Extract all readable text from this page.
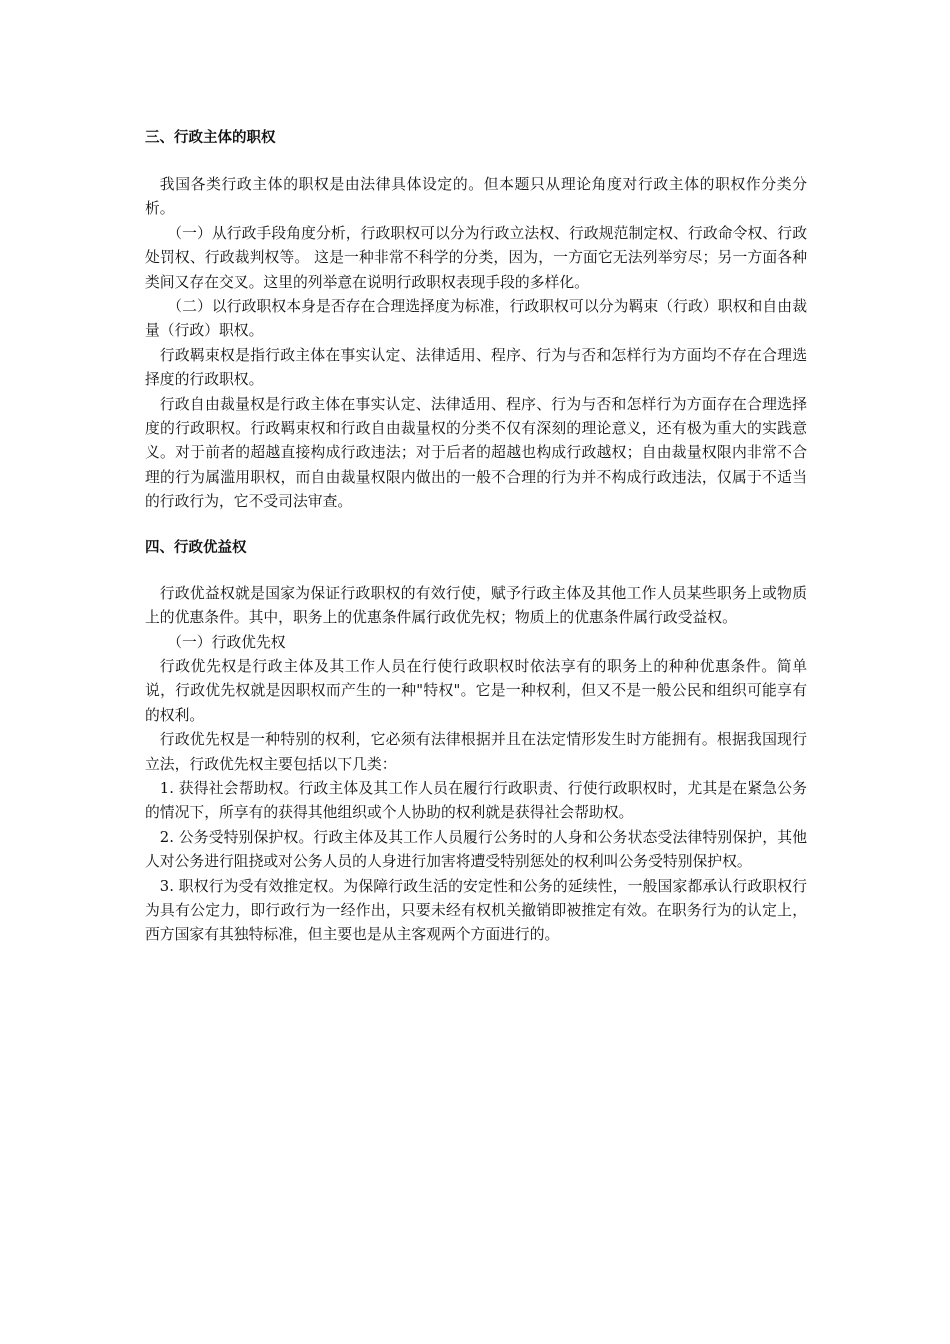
三、行政主体的职权

我国各类行政主体的职权是由法律具体设定的。但本题只从理论角度对行政主体的职权作分类分析。

（一）从行政手段角度分析，行政职权可以分为行政立法权、行政规范制定权、行政命令权、行政处罚权、行政裁判权等。 这是一种非常不科学的分类，因为，一方面它无法列举穷尽；另一方面各种类间又存在交叉。这里的列举意在说明行政职权表现手段的多样化。

（二）以行政职权本身是否存在合理选择度为标准，行政职权可以分为羁束（行政）职权和自由裁量（行政）职权。

行政羁束权是指行政主体在事实认定、法律适用、程序、行为与否和怎样行为方面均不存在合理选择度的行政职权。

行政自由裁量权是行政主体在事实认定、法律适用、程序、行为与否和怎样行为方面存在合理选择度的行政职权。行政羁束权和行政自由裁量权的分类不仅有深刻的理论意义，还有极为重大的实践意义。对于前者的超越直接构成行政违法；对于后者的超越也构成行政越权；自由裁量权限内非常不合理的行为属滥用职权，而自由裁量权限内做出的一般不合理的行为并不构成行政违法，仅属于不适当的行政行为，它不受司法审查。

四、行政优益权

行政优益权就是国家为保证行政职权的有效行使，赋予行政主体及其他工作人员某些职务上或物质上的优惠条件。其中，职务上的优惠条件属行政优先权；物质上的优惠条件属行政受益权。

（一）行政优先权

行政优先权是行政主体及其工作人员在行使行政职权时依法享有的职务上的种种优惠条件。简单说，行政优先权就是因职权而产生的一种"特权"。它是一种权利，但又不是一般公民和组织可能享有的权利。

行政优先权是一种特别的权利，它必须有法律根据并且在法定情形发生时方能拥有。根据我国现行立法，行政优先权主要包括以下几类：

1. 获得社会帮助权。行政主体及其工作人员在履行行政职责、行使行政职权时，尤其是在紧急公务的情况下，所享有的获得其他组织或个人协助的权利就是获得社会帮助权。

2. 公务受特别保护权。行政主体及其工作人员履行公务时的人身和公务状态受法律特别保护，其他人对公务进行阻挠或对公务人员的人身进行加害将遭受特别惩处的权利叫公务受特别保护权。

3. 职权行为受有效推定权。为保障行政生活的安定性和公务的延续性，一般国家都承认行政职权行为具有公定力，即行政行为一经作出，只要未经有权机关撤销即被推定有效。在职务行为的认定上，西方国家有其独特标准，但主要也是从主客观两个方面进行的。
